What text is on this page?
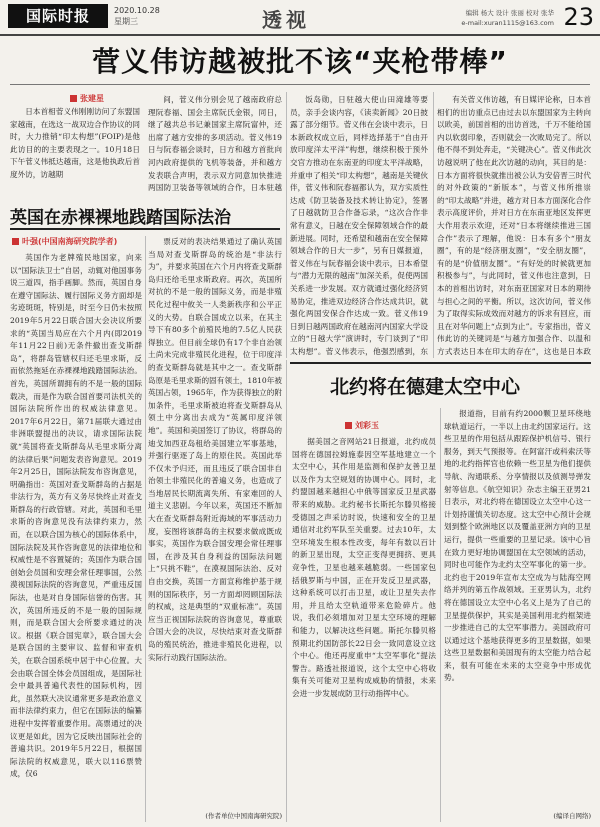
国际时报	2020.10.28
星期三	透视	编辑 杨大 设计 张丽 校对 张华
e-mail:xuran1115@163.com 23
菅义伟访越被批不该“夹枪带棒”
张建星

日本首相菅义伟刚刚访问了东盟国家越南，在选这一战双边合作协议的同时，大力推销“印太构想”(FOIP)是他此访目的的主要表现之一。10月18日下午菅义伟抵达越南，这是他执政后首度外访，访越期

间，菅义伟分别会见了越南政府总理阮春福、国会主席阮氏金银，同日，继了越共总书记兼国家主席阮富仲，还出席了越方安排的多项活动。菅义伟19日与阮春福会谈时，日方和越方首批向河内政府提供的飞机等装备，并和越方发表联合声明，表示双方同意加快推进两国防卫装备等领域的合作，日本驻越

饭岛勋，日驻越大使山田滝雄等要员，亲手会谈内容，《读卖新闻》20日披露了部分细节。菅义伟在会谈中表示，日本新政权成立后，同样选择基于“自由开放印度洋太平洋”构想，继续积极于预外交官方推动在东南亚的印度太平洋战略，并重申了相关“印太构想”，越南是关键伙伴，菅义伟和阮春福都认为，双方实质性达成《防卫装备及技术转让协定》，签署了日越就防卫合作备忘录，“这次合作非常有意义，日越在安全保障领域合作的最新进展。同时，还希望和越南在安全保障领域合作的日大一步”，另有日媒报道，菅义伟在与阮春福会谈中表示，日本希望与“潜力无限的越南”加深关系，促使两国关系进一步发展。双方就通过强化经济贸易协定，推进双边经济合作达成共识，就强化两国安保合作达成一致。菅义伟19日到日越两国政府在越南河内国家大学设立的“日越大学”演讲时，专门谈到了“印太构想”。菅义伟表示，他强烈感到，东

有关菅义伟访越，有日媒评论称，日本首相们的出访重点已由过去以东盟国家为主转向以欧美，前国首相的出访首选，千万不能给国内以软弱印象，否则就会一次败局完了。所以他不得不到处奔走，“关键决心”。菅义伟此次访越说明了他在此次访越的动向，其目的是：日本方面将很快就推出被公认为安倍晋三时代的对外政策的“新版本”，与菅义伟所推崇的“印太战略”并进，越方对日本方面深化合作表示高度评价，并对日方在东南亚地区发挥更大作用表示欢迎，还对“日本将继续推进三国合作”表示了理解，他说：日本有多个“朋友圈”，有的是“经济朋友圈”，“安全朋友圈”，有的是“价值朋友圈”。“有好处的时候就更加积极参与”，与此同时，菅义伟也注意到，日本的首相出访时，对东南亚国家对日本的期待与担心之间的平衡。所以，这次访问，菅义伟为了取得实际成效而对越方的诉求有回应，而且在对华问题上“点到为止”。专家指出，菅义伟此访的关键词是“与越方加强合作、以温和方式表达日本在印太的存在”，这也是日本政

英国在赤裸裸地践踏国际法治
叶强(中国南海研究院学者)

英国作为老牌殖民地国家，向来以“国际法卫士”自居，动辄对他国事务说三道四，指手画脚。然而，英国自身在遵守国际法、履行国际义务方面却是劣迹斑斑，特别是，时至今日仍未按照2019年5月22日联合国大会决议所要求的“英国当局应在六个月内(即2019年11月22日前)无条件撤出查戈斯群岛”，将群岛管辖权归还毛里求斯，反而依然拖延在赤裸裸地践踏国际法治。首先，英国所谓拥有的不是一般的国际载决，而是作为联合国首要司法机关的国际法院所作出的权威法律意见。2017年6月22日，第71届联大通过由非洲联盟提出的决议，请求国际法院就“英国将查戈斯群岛从毛里求斯分离的法律后果”问题发表咨询意见。2019年2月25日，国际法院发布咨询意见，明确指出：英国对查戈斯群岛的占据是非法行为，英方有义务尽快终止对查戈斯群岛的行政管辖。对此，英国和毛里求斯的咨询意见没有法律约束力，然而，在以联合国为核心的国际体系中，国际法院及其作咨询意见的法律地位和权威性是不容置疑的；英国作为联合国创始会员国和安理会常任理事国，公然漠视国际法院的咨询意见，严重违反国际法，也是对自身国际信誉的伤害。其次，英国所违反的不是一般的国际规则，而是联合国大会所要求通过的决议。根据《联合国宪章》，联合国大会是联合国的主要审议、监督和审查机关，在联合国系统中居于中心位置。大会由联合国全体会员国组成，是国际社会中最具普遍代表性的国际机构，因此，虽然联大决议通常更多是政治意义而非法律约束力，但它在国际法的编纂进程中发挥着重要作用。高票通过的决议更是如此，因为它反映出国际社会的普遍共识。2019年5月22日，根据国际法院的权威意见，联大以116票赞成，仅6

票反对的表决结果通过了确认英国当局对查戈斯群岛的统治是“非法行为”，并要求英国在六个月内将查戈斯群岛归还给毛里求斯政府。再次，英国所对抗的不是一般的国际义务，而是非殖民化过程中攸关一人类新秩序和公平正义的大势。自联合国成立以来，在其主导下有80多个前殖民地的7.5亿人民获得独立。但目前全球仍有17个非自治领土尚未完成非殖民化进程，位于印度洋的查戈斯群岛就是其中之一。查戈斯群岛原是毛里求斯的固有领土，1810年被英国占领，1965年，作为获得独立的附加条件，毛里求斯被迫将查戈斯群岛从领土中分离出去成为“英属印度洋领地”。英国和美国签订了协议，将群岛的迪戈加西亚岛租给美国建立军事基地，并强行驱逐了岛上的原住民。英国此举不仅未予归还，而且违反了联合国非自治领土非殖民化的普遍义务，也造成了当地居民长期流离失所、有家难回的人道主义悲剧。今年以来，英国还不断加大在查戈斯群岛附近海域的军事活动力度，妄图将该群岛的主权要求做成既成事实，英国作为联合国安理会常任理事国，在涉及其自身利益的国际法问题上“只挑不鞋”，在漠视国际法治、反对自由交换，英国一方面宣称维护基于规则的国际秩序，另一方面却罔顾国际法的权威，这是典型的“双重标准”。英国应当正视国际法院的咨询意见，尊重联合国大会的决议，尽快结束对查戈斯群岛的殖民统治，推进非殖民化进程，以实际行动践行国际法治。

(作者单位中国南海研究院)
北约将在德建太空中心
刘彩玉

据美国之音网站21日报道，北约成员国将在德国拉姆施泰因空军基地建立一个太空中心，其作用是监测和保护友善卫星以及作为太空规划的协调中心。同时，北约盟国越来越担心中俄等国家反卫星武器带来的威胁。北约秘书长斯托尔滕贝格接受德国之声采访时说，快速和安全的卫星通信对北约军队至关重要。过去10年，太空环境发生根本性改变，每年有数以百计的新卫星出现，太空正变得更拥挤、更具竞争性，卫星也越来越脆弱。一些国家包括俄罗斯与中国，正在开发反卫星武器，这种系统可以打击卫星，或让卫星失去作用，并且给太空轨道带来危险碎片。他说，我们必须增加对卫星太空环境的理解和能力，以解决这些问题。斯托尔滕贝格预期北约国防部长22日会一致同意设立这个中心。他还再度重申“太空军事化”提法警告。路透社报道说，这个太空中心将收集有关可能对卫星构成威胁的情报，未来会进一步发展成防卫行动指挥中心。

报道指，目前有约2000颗卫星环绕地球轨道运行，一半以上由北约国家运行。这些卫星的作用包括从跟踪保护机信号、银行服务，到天气预报等。在阿富汗或科索沃等地的北约指挥官也依赖一些卫星为他们提供导航、沟通联系、分享情报以及侦测导弹发射等信息。《航空知识》杂志主编王亚男21日表示，对北约将在德国设立太空中心这一计划持谨慎关切态度。这太空中心预计会规划到整个欧洲地区以及覆盖亚洲方向的卫星运行，提供一些重要的卫星记录。该中心旨在致力更好地协调盟国在太空领域的活动，同时也可能作为北约太空军事化的第一步。北约也于2019年宣布太空成为与陆海空网络并列的第五作战领域。王亚男认为，北约将在德国设立太空中心名义上是为了自己的卫星提供保护，其实是美国利用北约框架进一步推进自己的太空军事潜力。美国政府可以通过这个基地获得更多的卫星数据，如果这些卫星数据和美国现有的太空能力结合起来，很有可能在未来的太空竞争中形成优势。

(编译自网络)
